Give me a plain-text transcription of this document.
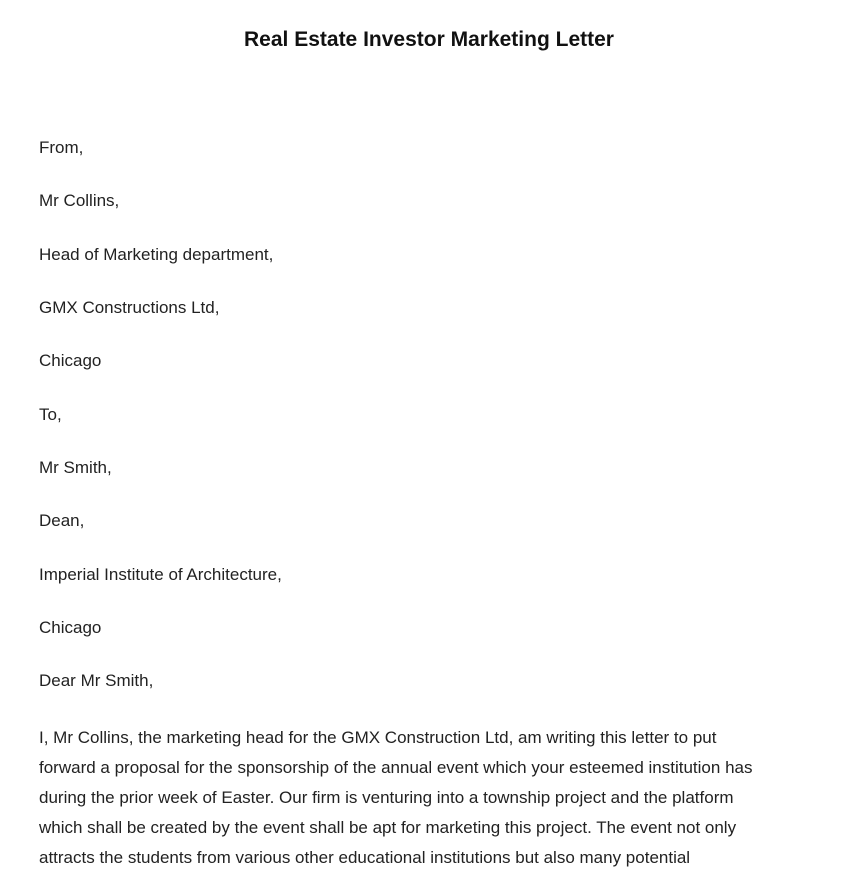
Real Estate Investor Marketing Letter
From,
Mr Collins,
Head of Marketing department,
GMX Constructions Ltd,
Chicago
To,
Mr Smith,
Dean,
Imperial Institute of Architecture,
Chicago
Dear Mr Smith,
I, Mr Collins, the marketing head for the GMX Construction Ltd, am writing this letter to put
forward a proposal for the sponsorship of the annual event which your esteemed institution has
during the prior week of Easter. Our firm is venturing into a township project and the platform
which shall be created by the event shall be apt for marketing this project. The event not only
attracts the students from various other educational institutions but also many potential
